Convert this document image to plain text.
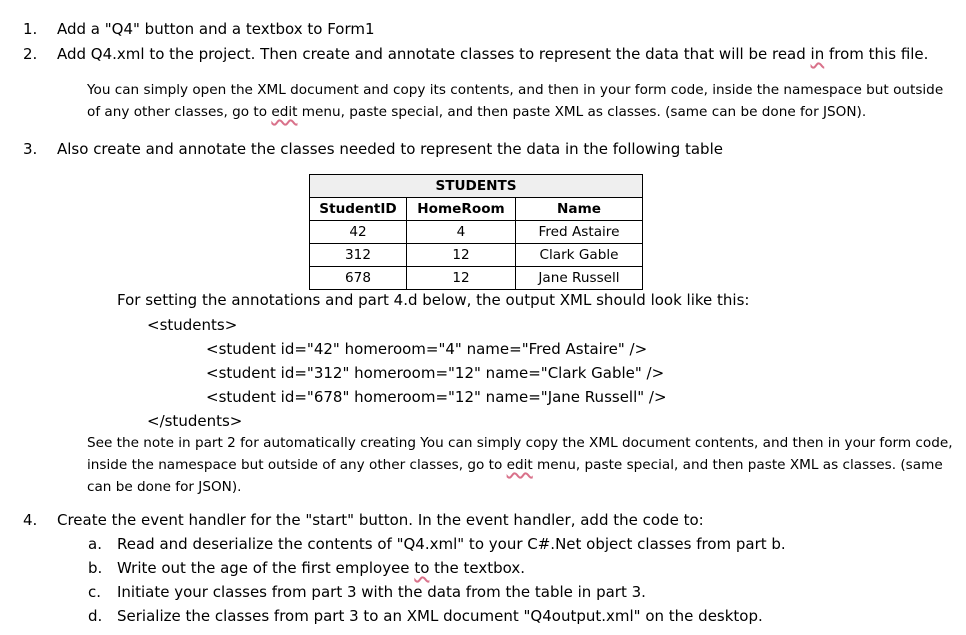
1. Add a "Q4" button and a textbox to Form1
2. Add Q4.xml to the project. Then create and annotate classes to represent the data that will be read in from this file.
You can simply open the XML document and copy its contents, and then in your form code, inside the namespace but outside
of any other classes, go to edit menu, paste special, and then paste XML as classes. (same can be done for JSON).
3. Also create and annotate the classes needed to represent the data in the following table
STUDENTS		
StudentID	HomeRoom	Name
42	4	Fred Astaire
312	12	Clark Gable
678	12	Jane Russell
For setting the annotations and part 4.d below, the output XML should look like this:
<students>
<student id="42" homeroom="4" name="Fred Astaire" />
<student id="312" homeroom="12" name="Clark Gable" />
<student id="678" homeroom="12" name="Jane Russell" />
</students>
See the note in part 2 for automatically creating You can simply copy the XML document contents, and then in your form code,
inside the namespace but outside of any other classes, go to edit menu, paste special, and then paste XML as classes. (same
can be done for JSON).
4. Create the event handler for the "start" button. In the event handler, add the code to:
a. Read and deserialize the contents of "Q4.xml" to your C#.Net object classes from part b.
b. Write out the age of the first employee to the textbox.
c. Initiate your classes from part 3 with the data from the table in part 3.
d. Serialize the classes from part 3 to an XML document "Q4output.xml" on the desktop.
